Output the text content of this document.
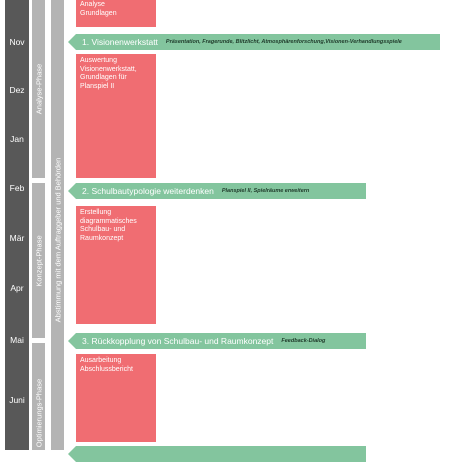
Nov
Dez
Jan
Feb
Mär
Apr
Mai
Juni
Analyse-Phase
Konzept-Phase
Optimierungs-Phase
Abstimmung mit dem Auftraggeber und Behörden
1. Visionenwerkstatt	Präsentation, Fragerunde, Blitzlicht, Atmosphärenforschung,Visionen-Verhandlungsspiele
2. Schulbautypologie weiterdenken	Planspiel II, Spielräume erweitern
3. Rückkopplung von Schulbau- und Raumkonzept	Feedback-Dialog
Analyse
Grundlagen
Auswertung
Visionenwerkstatt,
Grundlagen für
Planspiel II
Erstellung
diagrammatisches
Schulbau- und
Raumkonzept
Ausarbeitung
Abschlussbericht
